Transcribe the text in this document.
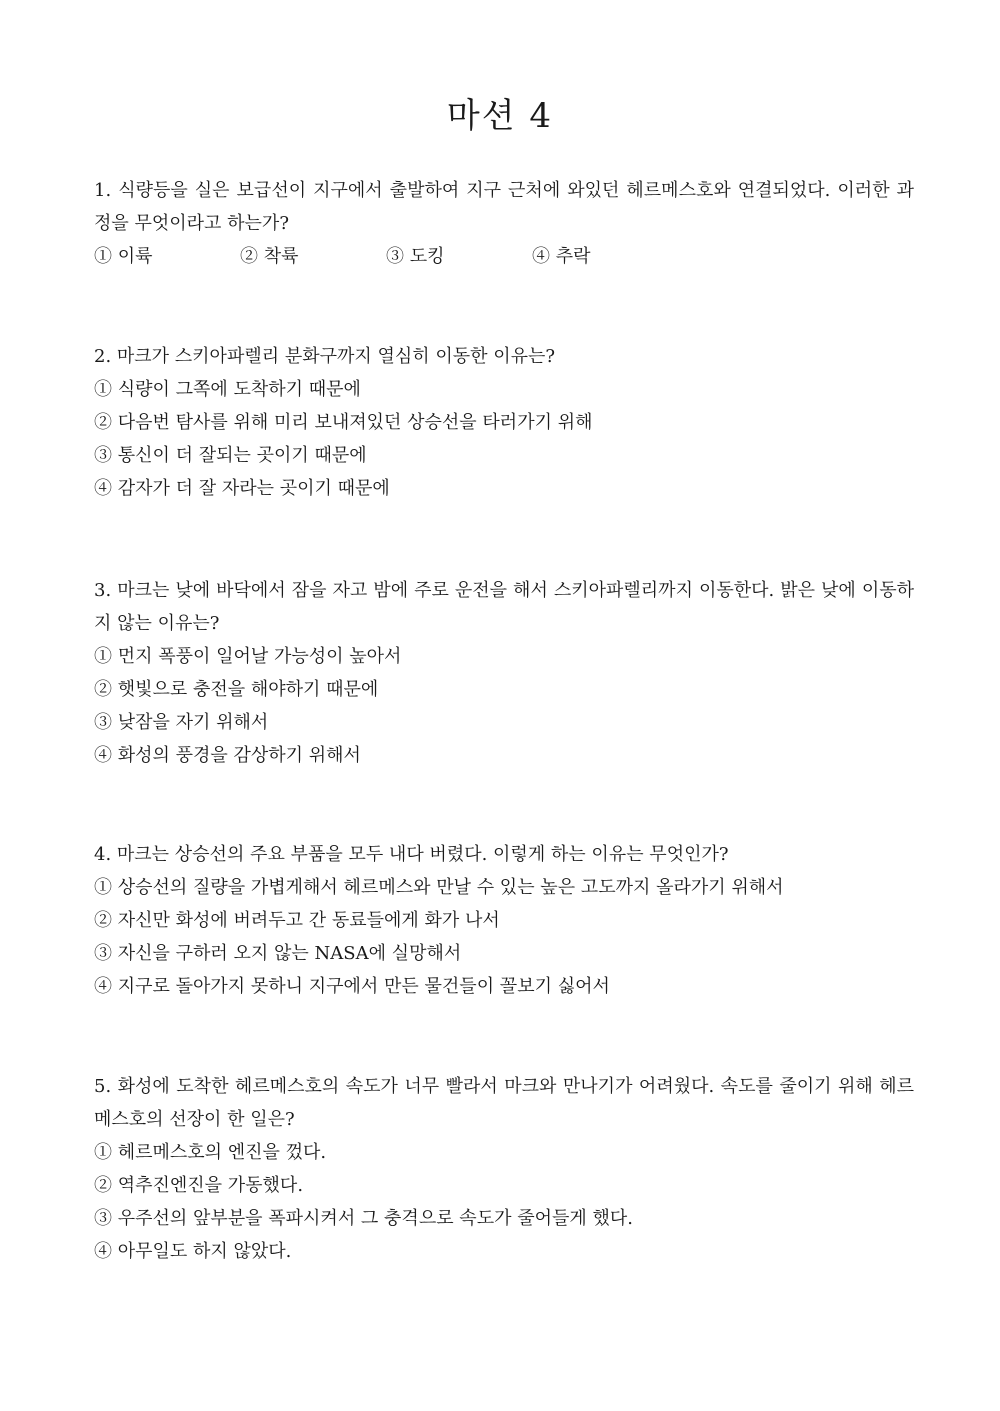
마션 4
1. 식량등을 실은 보급선이 지구에서 출발하여 지구 근처에 와있던 헤르메스호와 연결되었다. 이러한 과정을 무엇이라고 하는가?
① 이륙	② 착륙	③ 도킹	④ 추락
2. 마크가 스키아파렐리 분화구까지 열심히 이동한 이유는?
① 식량이 그쪽에 도착하기 때문에
② 다음번 탐사를 위해 미리 보내져있던 상승선을 타러가기 위해
③ 통신이 더 잘되는 곳이기 때문에
④ 감자가 더 잘 자라는 곳이기 때문에
3. 마크는 낮에 바닥에서 잠을 자고 밤에 주로 운전을 해서 스키아파렐리까지 이동한다. 밝은 낮에 이동하지 않는 이유는?
① 먼지 폭풍이 일어날 가능성이 높아서
② 햇빛으로 충전을 해야하기 때문에
③ 낮잠을 자기 위해서
④ 화성의 풍경을 감상하기 위해서
4. 마크는 상승선의 주요 부품을 모두 내다 버렸다. 이렇게 하는 이유는 무엇인가?
① 상승선의 질량을 가볍게해서 헤르메스와 만날 수 있는 높은 고도까지 올라가기 위해서
② 자신만 화성에 버려두고 간 동료들에게 화가 나서
③ 자신을 구하러 오지 않는 NASA에 실망해서
④ 지구로 돌아가지 못하니 지구에서 만든 물건들이 꼴보기 싫어서
5. 화성에 도착한 헤르메스호의 속도가 너무 빨라서 마크와 만나기가 어려웠다. 속도를 줄이기 위해 헤르메스호의 선장이 한 일은?
① 헤르메스호의 엔진을 껐다.
② 역추진엔진을 가동했다.
③ 우주선의 앞부분을 폭파시켜서 그 충격으로 속도가 줄어들게 했다.
④ 아무일도 하지 않았다.
